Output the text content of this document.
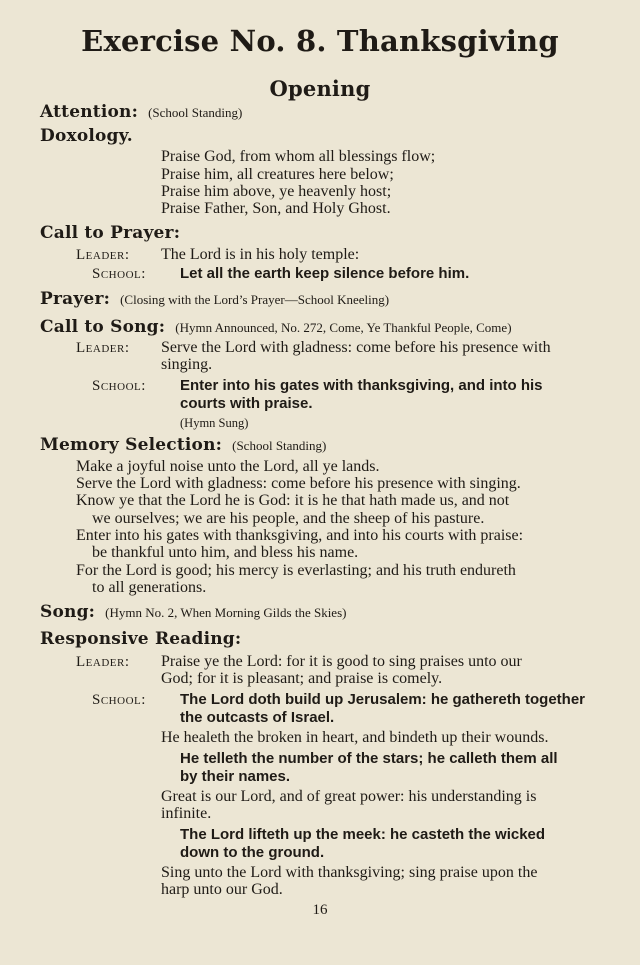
Exercise No. 8. Thanksgiving
Opening
Attention: (School Standing)
Doxology.
Praise God, from whom all blessings flow;
Praise him, all creatures here below;
Praise him above, ye heavenly host;
Praise Father, Son, and Holy Ghost.
Call to Prayer:
Leader: The Lord is in his holy temple:
School: Let all the earth keep silence before him.
Prayer: (Closing with the Lord’s Prayer—School Kneeling)
Call to Song: (Hymn Announced, No. 272, Come, Ye Thankful People, Come)
Leader: Serve the Lord with gladness: come before his presence with
singing.
School: Enter into his gates with thanksgiving, and into his
courts with praise.
(Hymn Sung)
Memory Selection: (School Standing)
Make a joyful noise unto the Lord, all ye lands.
Serve the Lord with gladness: come before his presence with singing.
Know ye that the Lord he is God: it is he that hath made us, and not
we ourselves; we are his people, and the sheep of his pasture.
Enter into his gates with thanksgiving, and into his courts with praise:
be thankful unto him, and bless his name.
For the Lord is good; his mercy is everlasting; and his truth endureth
to all generations.
Song: (Hymn No. 2, When Morning Gilds the Skies)
Responsive Reading:
Leader: Praise ye the Lord: for it is good to sing praises unto our
God; for it is pleasant; and praise is comely.
School: The Lord doth build up Jerusalem: he gathereth together
the outcasts of Israel.
He healeth the broken in heart, and bindeth up their wounds.
He telleth the number of the stars; he calleth them all
by their names.
Great is our Lord, and of great power: his understanding is
infinite.
The Lord lifteth up the meek: he casteth the wicked
down to the ground.
Sing unto the Lord with thanksgiving; sing praise upon the
harp unto our God.
16
